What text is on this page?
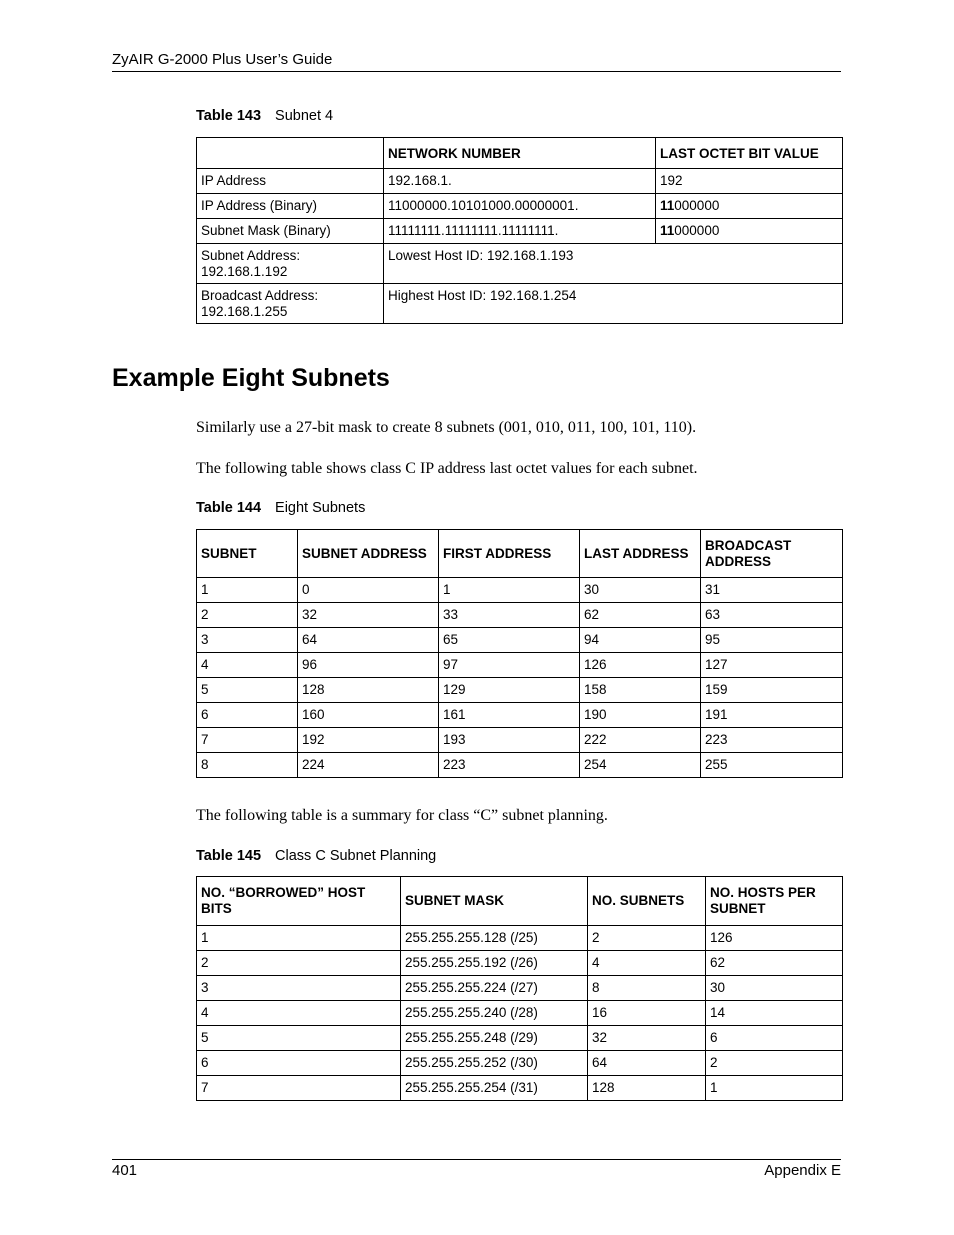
ZyAIR G-2000 Plus User’s Guide
Table 143 Subnet 4
	NETWORK NUMBER	LAST OCTET BIT VALUE
IP Address	192.168.1.	192
IP Address (Binary)	11000000.10101000.00000001.	11000000
Subnet Mask (Binary)	11111111.11111111.11111111.	11000000

Subnet Address:
192.168.1.192	Lowest Host ID: 192.168.1.193	

Broadcast Address:
192.168.1.255	Highest Host ID: 192.168.1.254	
Example Eight Subnets
Similarly use a 27-bit mask to create 8 subnets (001, 010, 011, 100, 101, 110).
The following table shows class C IP address last octet values for each subnet.
Table 144 Eight Subnets
SUBNET	SUBNET ADDRESS	FIRST ADDRESS	LAST ADDRESS	BROADCAST ADDRESS
1	0	1	30	31
2	32	33	62	63
3	64	65	94	95
4	96	97	126	127
5	128	129	158	159
6	160	161	190	191
7	192	193	222	223
8	224	223	254	255
The following table is a summary for class “C” subnet planning.
Table 145 Class C Subnet Planning
NO. “BORROWED” HOST BITS	SUBNET MASK	NO. SUBNETS	NO. HOSTS PER SUBNET
1	255.255.255.128 (/25)	2	126
2	255.255.255.192 (/26)	4	62
3	255.255.255.224 (/27)	8	30
4	255.255.255.240 (/28)	16	14
5	255.255.255.248 (/29)	32	6
6	255.255.255.252 (/30)	64	2
7	255.255.255.254 (/31)	128	1
401	Appendix E
